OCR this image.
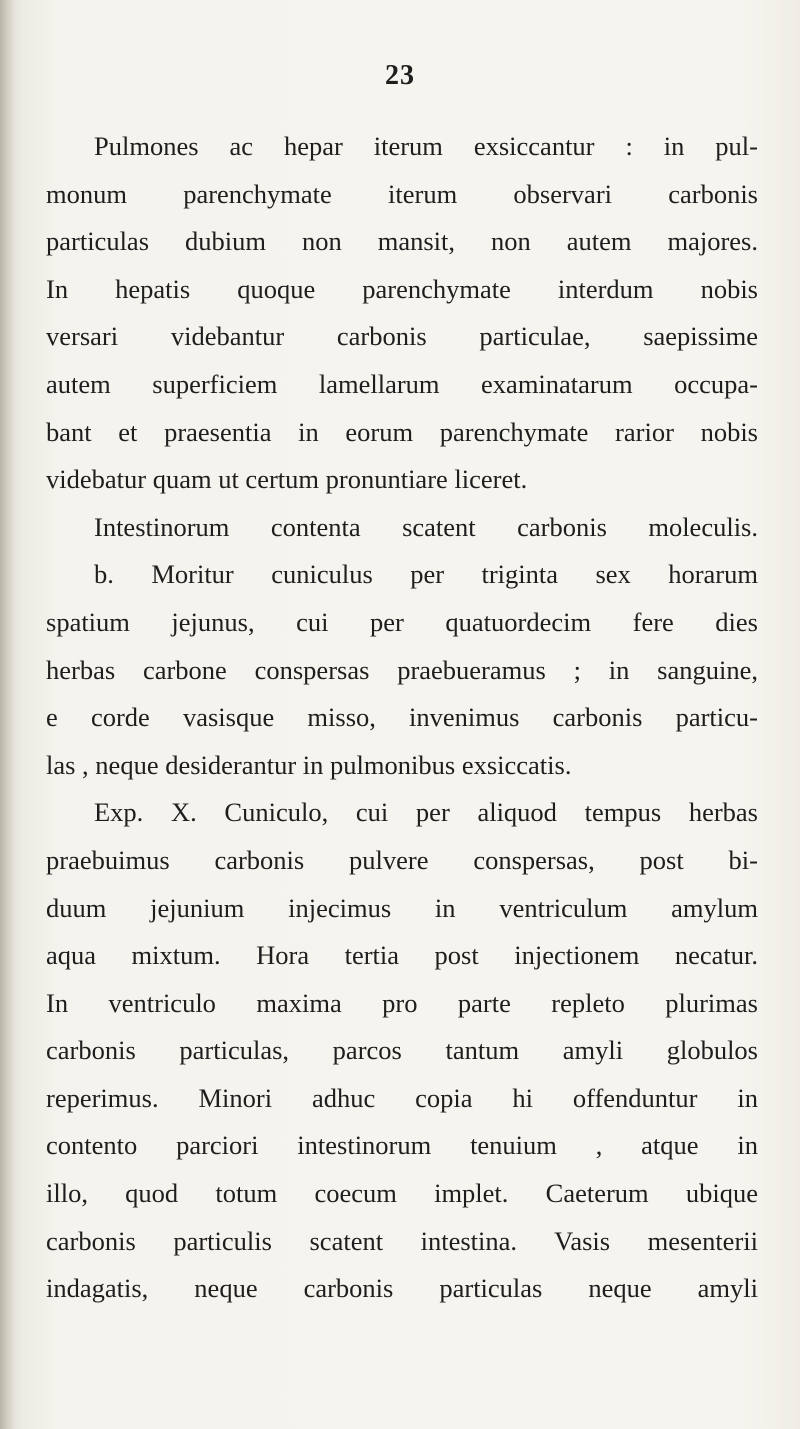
23
Pulmones ac hepar iterum exsiccantur : in pul-
monum parenchymate iterum observari carbonis
particulas dubium non mansit, non autem majores.
In hepatis quoque parenchymate interdum nobis
versari videbantur carbonis particulae, saepissime
autem superficiem lamellarum examinatarum occupa-
bant et praesentia in eorum parenchymate rarior nobis
videbatur quam ut certum pronuntiare liceret.
Intestinorum contenta scatent carbonis moleculis.
b. Moritur cuniculus per triginta sex horarum
spatium jejunus, cui per quatuordecim fere dies
herbas carbone conspersas praebueramus ; in sanguine,
e corde vasisque misso, invenimus carbonis particu-
las , neque desiderantur in pulmonibus exsiccatis.
Exp. X. Cuniculo, cui per aliquod tempus herbas
praebuimus carbonis pulvere conspersas, post bi-
duum jejunium injecimus in ventriculum amylum
aqua mixtum. Hora tertia post injectionem necatur.
In ventriculo maxima pro parte repleto plurimas
carbonis particulas, parcos tantum amyli globulos
reperimus. Minori adhuc copia hi offenduntur in
contento parciori intestinorum tenuium , atque in
illo, quod totum coecum implet. Caeterum ubique
carbonis particulis scatent intestina. Vasis mesenterii
indagatis, neque carbonis particulas neque amyli
